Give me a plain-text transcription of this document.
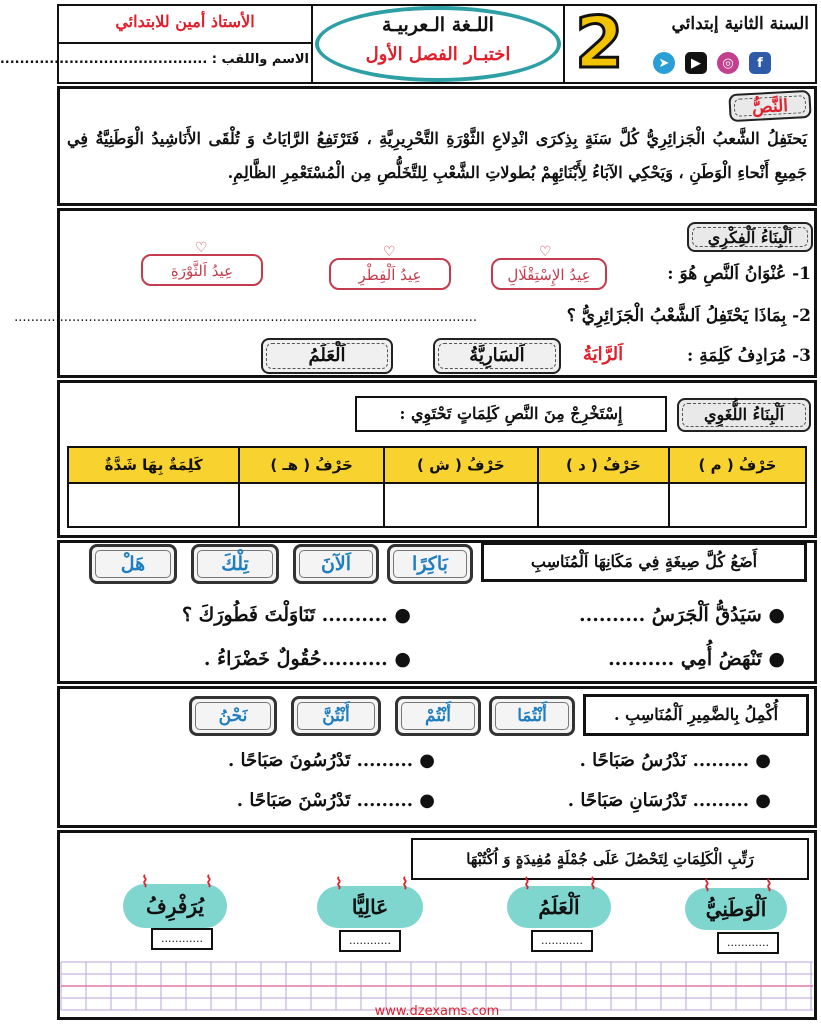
السنة الثانية إبتدائي
2	➤	▶	◎	f
اللـغة الـعربيـة
اختبـار الفصل الأول
الأستاذ أمين للابتدائي
الاسم واللقب : ..........................................
النَّصُّ
يَحتَفِلُ الشَّعبُ الْجَزائِرِيُّ كُلَّ سَنَةٍ بِذِكرَى انْدِلاعِ الثَّوْرَةِ التَّحْرِيرِيَّةِ ، فَتَرْتَفِعُ الرَّايَاتُ وَ تُلْقَى الأَنَاشِيدُ الْوَطَنِيَّةُ فِي جَمِيعِ أَنْحاءِ الْوَطَنِ ، وَيَحْكِي الآبَاءُ لِأَبْنَائِهِمْ بُطولاتِ الشَّعْبِ لِلتَّخَلُّصِ مِن الْمُسْتَعْمِرِ الظَّالِمِ.
اَلْبِنَاءُ اَلْفِكْرِي
1- عُنْوَانُ اَلنَّصِ هُوَ :
عِيدُ الإِسْتِقْلَالِ
♡
عِيدُ اَلْفِطْرِ
♡
عِيدُ اَلثَّوْرَةِ
♡
2- بِمَاذَا يَحْتَفِلُ اَلشَّعْبُ الْجَزَائِرِيُّ ؟
................................................................................................................
3- مُرَادِفُ كَلِمَةِ :
اَلرَّايَةُ
اَلسَارِيَّةُ
اَلْعَلَمُ
اَلْبِنَاءُ اللُّغَوِي
إِسْتَخْرِجْ مِنَ النَّصِ كَلِمَاتٍ تَحْتَوِي :
حَرْفُ ( م )	حَرْفُ ( د )	حَرْفُ ( ش )	حَرْفُ ( هـ )	كَلِمَةٌ بِهَا شَدَّةٌ

أَضَعُ كُلَّ صِيغَةٍ فِي مَكَانِهَا اَلْمُنَاسِبِ
بَاكِرًا
اَلآنَ
تِلْكَ
هَلْ
● سَيَدُقُّ اَلْجَرَسُ ..........
● .......... تَنَاوَلْتَ فَطُورَكَ ؟
● تَنْهَضُ أُمِي ..........
● ..........حُقُولٌ خَضْرَاءُ .
أُكْمِلُ بِالضَّمِيرِ اَلْمُنَاسِبِ .
أَنْتُمَا
أَنْتُمْ
أَنْتُنَّ
نَحْنُ
● ......... نَدْرُسُ صَبَاحًا .
● ......... تَدْرُسُونَ صَبَاحًا .
● ......... تَدْرُسَانِ صَبَاحًا .
● ......... تَدْرُسْنَ صَبَاحًا .
رَتِّبِ الْكَلِمَاتِ لِتَحْصُلَ عَلَى جُمْلَةٍ مُفِيدَةٍ وَ اُكْتُبْهَا
اَلْوَطَنِيُّ
اَلْعَلَمُ
عَالِيًّا
يُرَفْرِفُ
⌇	⌇
⌇	⌇
⌇	⌇
⌇	⌇
............
............
............
............
www.dzexams.com
